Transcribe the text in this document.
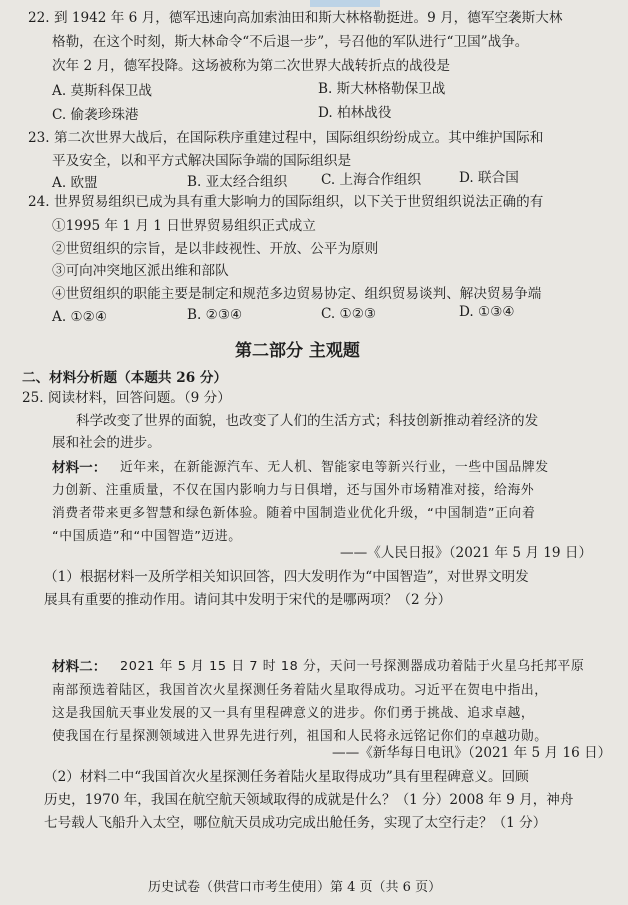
22. 到 1942 年 6 月，德军迅速向高加索油田和斯大林格勒挺进。9 月，德军空袭斯大林
格勒，在这个时刻，斯大林命令“不后退一步”，号召他的军队进行“卫国”战争。
次年 2 月，德军投降。这场被称为第二次世界大战转折点的战役是
A. 莫斯科保卫战	B. 斯大林格勒保卫战
C. 偷袭珍珠港	D. 柏林战役
23. 第二次世界大战后，在国际秩序重建过程中，国际组织纷纷成立。其中维护国际和
平及安全，以和平方式解决国际争端的国际组织是
A. 欧盟	B. 亚太经合组织 C. 上海合作组织	D. 联合国
24. 世界贸易组织已成为具有重大影响力的国际组织，以下关于世贸组织说法正确的有
①1995 年 1 月 1 日世界贸易组织正式成立
②世贸组织的宗旨，是以非歧视性、开放、公平为原则
③可向冲突地区派出维和部队
④世贸组织的职能主要是制定和规范多边贸易协定、组织贸易谈判、解决贸易争端
A. ①②④	B. ②③④	C. ①②③	D. ①③④
第二部分 主观题
二、材料分析题（本题共 26 分）
25. 阅读材料，回答问题。（9 分）
科学改变了世界的面貌，也改变了人们的生活方式；科技创新推动着经济的发
展和社会的进步。
材料一： 近年来，在新能源汽车、无人机、智能家电等新兴行业，一些中国品牌发
力创新、注重质量，不仅在国内影响力与日俱增，还与国外市场精准对接，给海外
消费者带来更多智慧和绿色新体验。随着中国制造业优化升级，“中国制造”正向着
“中国质造”和“中国智造”迈进。
——《人民日报》（2021 年 5 月 19 日）
（1）根据材料一及所学相关知识回答，四大发明作为“中国智造”，对世界文明发
展具有重要的推动作用。请问其中发明于宋代的是哪两项？（2 分）
材料二： 2021 年 5 月 15 日 7 时 18 分，天问一号探测器成功着陆于火星乌托邦平原
南部预选着陆区，我国首次火星探测任务着陆火星取得成功。习近平在贺电中指出，
这是我国航天事业发展的又一具有里程碑意义的进步。你们勇于挑战、追求卓越，
使我国在行星探测领域进入世界先进行列，祖国和人民将永远铭记你们的卓越功勋。
——《新华每日电讯》（2021 年 5 月 16 日）
（2）材料二中“我国首次火星探测任务着陆火星取得成功”具有里程碑意义。回顾
历史，1970 年，我国在航空航天领域取得的成就是什么？（1 分）2008 年 9 月，神舟
七号载人飞船升入太空，哪位航天员成功完成出舱任务，实现了太空行走？（1 分）
历史试卷（供营口市考生使用）第 4 页（共 6 页）
